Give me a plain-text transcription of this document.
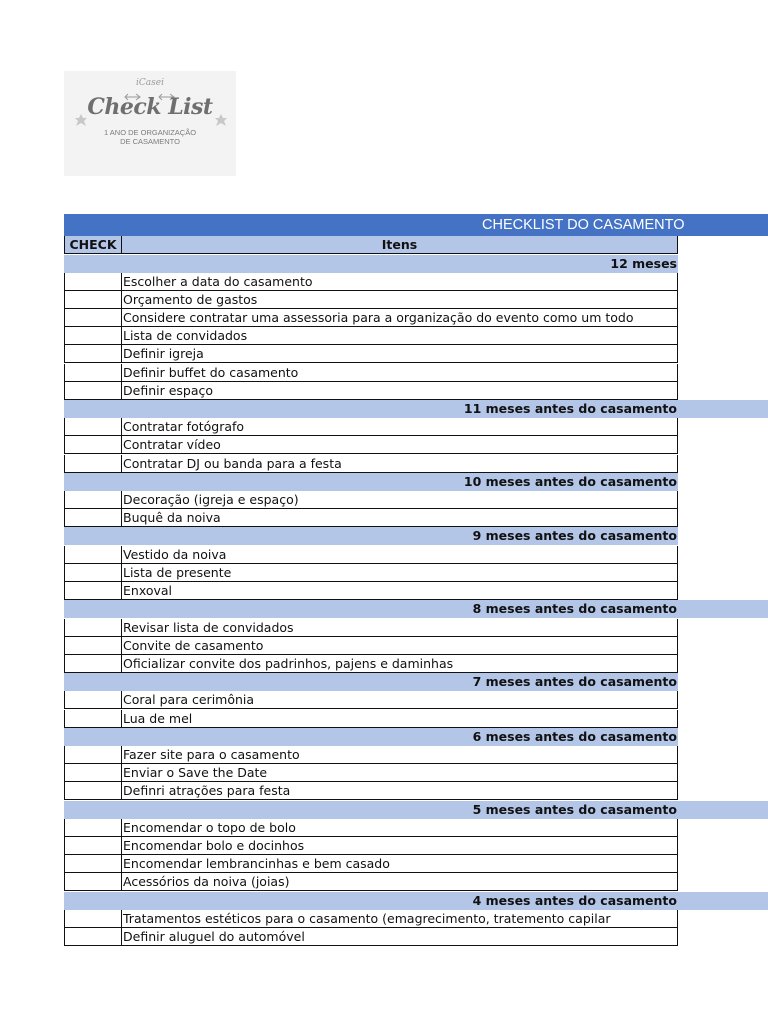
iCasei
Check List
1 ANO DE ORGANIZAÇÃO
DE CASAMENTO
CHECKLIST DO CASAMENTO
CHECK	Itens
12 meses
Escolher a data do casamento
Orçamento de gastos
Considere contratar uma assessoria para a organização do evento como um todo
Lista de convidados
Definir igreja
Definir buffet do casamento
Definir espaço
11 meses antes do casamento
Contratar fotógrafo
Contratar vídeo
Contratar DJ ou banda para a festa
10 meses antes do casamento
Decoração (igreja e espaço)
Buquê da noiva
9 meses antes do casamento
Vestido da noiva
Lista de presente
Enxoval
8 meses antes do casamento
Revisar lista de convidados
Convite de casamento
Oficializar convite dos padrinhos, pajens e daminhas
7 meses antes do casamento
Coral para cerimônia
Lua de mel
6 meses antes do casamento
Fazer site para o casamento
Enviar o Save the Date
Definri atrações para festa
5 meses antes do casamento
Encomendar o topo de bolo
Encomendar bolo e docinhos
Encomendar lembrancinhas e bem casado
Acessórios da noiva (joias)
4 meses antes do casamento
Tratamentos estéticos para o casamento (emagrecimento, tratemento capilar
Definir aluguel do automóvel
